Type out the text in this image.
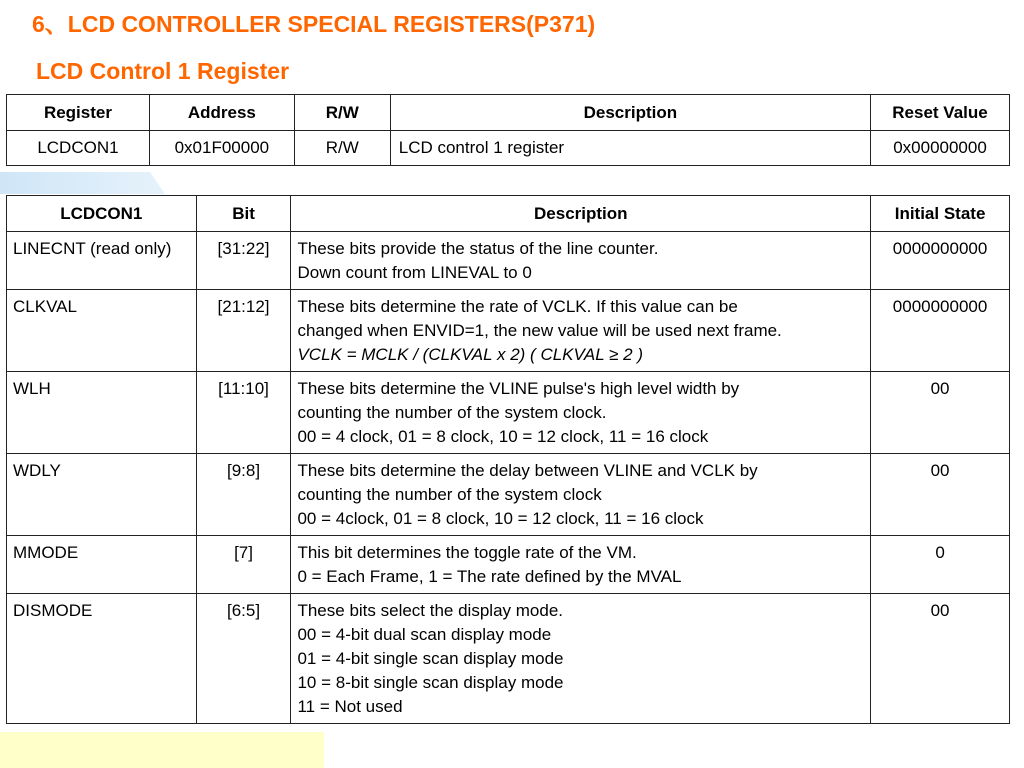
6、LCD CONTROLLER SPECIAL REGISTERS(P371)
LCD Control 1 Register
Register	Address	R/W	Description	Reset Value
LCDCON1	0x01F00000	R/W	LCD control 1 register	0x00000000
LCDCON1	Bit	Description	Initial State
LINECNT (read only)	[31:22]	These bits provide the status of the line counter.
Down count from LINEVAL to 0	0000000000
CLKVAL	[21:12]	These bits determine the rate of VCLK. If this value can be
changed when ENVID=1, the new value will be used next frame.
VCLK = MCLK / (CLKVAL x 2) ( CLKVAL ≥ 2 )	0000000000
WLH	[11:10]	These bits determine the VLINE pulse's high level width by
counting the number of the system clock.
00 = 4 clock, 01 = 8 clock, 10 = 12 clock, 11 = 16 clock	00
WDLY	[9:8]	These bits determine the delay between VLINE and VCLK by
counting the number of the system clock
00 = 4clock, 01 = 8 clock, 10 = 12 clock, 11 = 16 clock	00
MMODE	[7]	This bit determines the toggle rate of the VM.
0 = Each Frame, 1 = The rate defined by the MVAL	0
DISMODE	[6:5]	These bits select the display mode.
00 = 4-bit dual scan display mode
01 = 4-bit single scan display mode
10 = 8-bit single scan display mode
11 = Not used	00
